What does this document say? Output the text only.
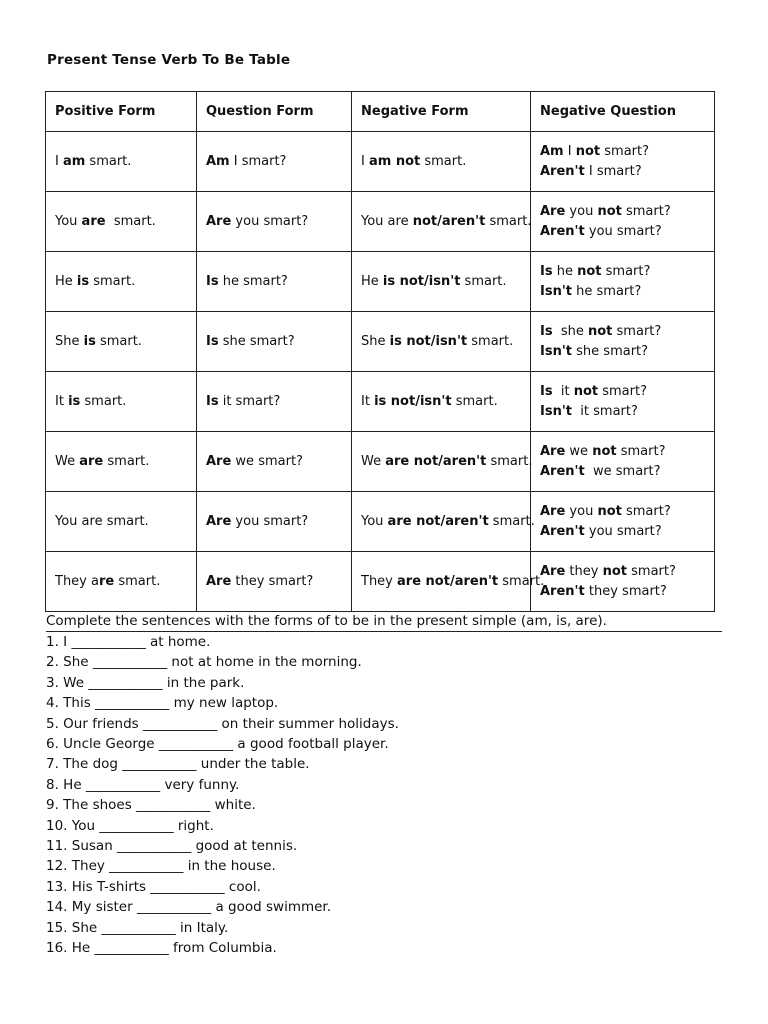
Present Tense Verb To Be Table
Positive Form	Question Form	Negative Form	Negative Question

I am smart.	Am I smart?	I am not smart.	Am I not smart?
Aren't I smart?

You are  smart.	Are you smart?	You are not/aren't smart.	Are you not smart?
Aren't you smart?

He is smart.	Is he smart?	He is not/isn't smart.	Is he not smart?
Isn't he smart?

She is smart.	Is she smart?	She is not/isn't smart.	Is  she not smart?
Isn't she smart?

It is smart.	Is it smart?	It is not/isn't smart.	Is  it not smart?
Isn't  it smart?

We are smart.	Are we smart?	We are not/aren't smart.	Are we not smart?
Aren't  we smart?

You are smart.	Are you smart?	You are not/aren't smart.	Are you not smart?
Aren't you smart?

They are smart.	Are they smart?	They are not/aren't smart.	Are they not smart?
Aren't they smart?
Complete the sentences with the forms of to be in the present simple (am, is, are).
1. I ___________ at home.
2. She ___________ not at home in the morning.
3. We ___________ in the park.
4. This ___________ my new laptop.
5. Our friends ___________ on their summer holidays.
6. Uncle George ___________ a good football player.
7. The dog ___________ under the table.
8. He ___________ very funny.
9. The shoes ___________ white.
10. You ___________ right.
11. Susan ___________ good at tennis.
12. They ___________ in the house.
13. His T-shirts ___________ cool.
14. My sister ___________ a good swimmer.
15. She ___________ in Italy.
16. He ___________ from Columbia.
